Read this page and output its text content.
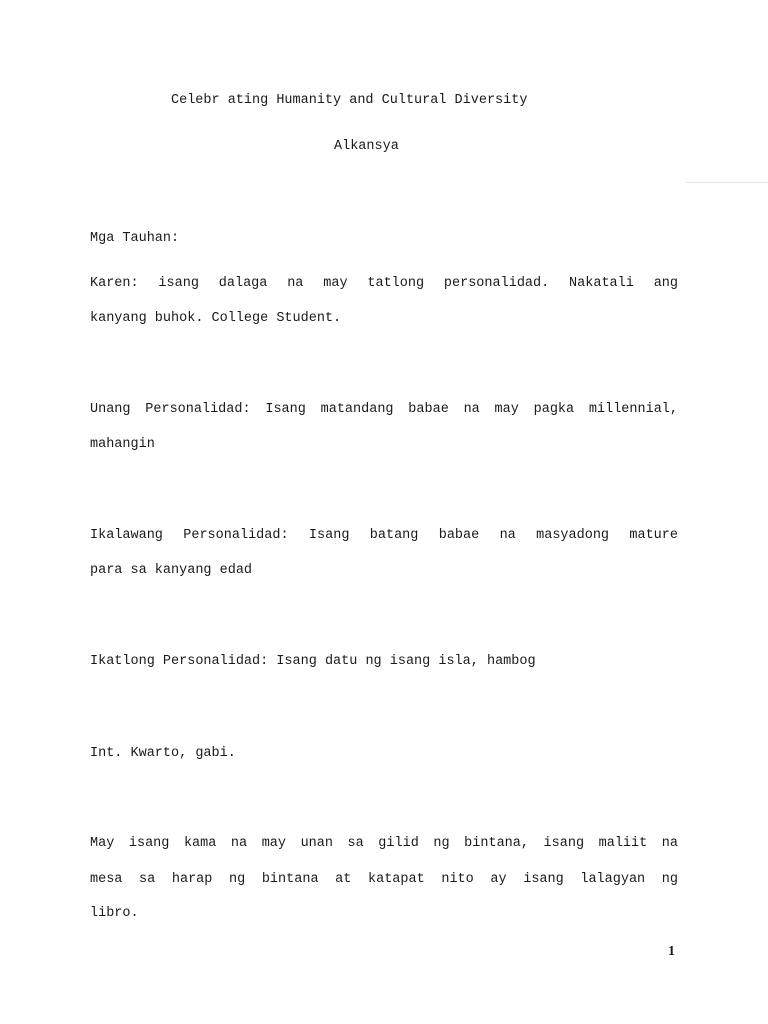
Celebr ating Humanity and Cultural Diversity
Alkansya
Mga Tauhan:
Karen: isang dalaga na may tatlong personalidad. Nakatali ang
kanyang buhok. College Student.
Unang Personalidad: Isang matandang babae na may pagka millennial,
mahangin
Ikalawang Personalidad: Isang batang babae na masyadong mature
para sa kanyang edad
Ikatlong Personalidad: Isang datu ng isang isla, hambog
Int. Kwarto, gabi.
May isang kama na may unan sa gilid ng bintana, isang maliit na
mesa sa harap ng bintana at katapat nito ay isang lalagyan ng
libro.
1
